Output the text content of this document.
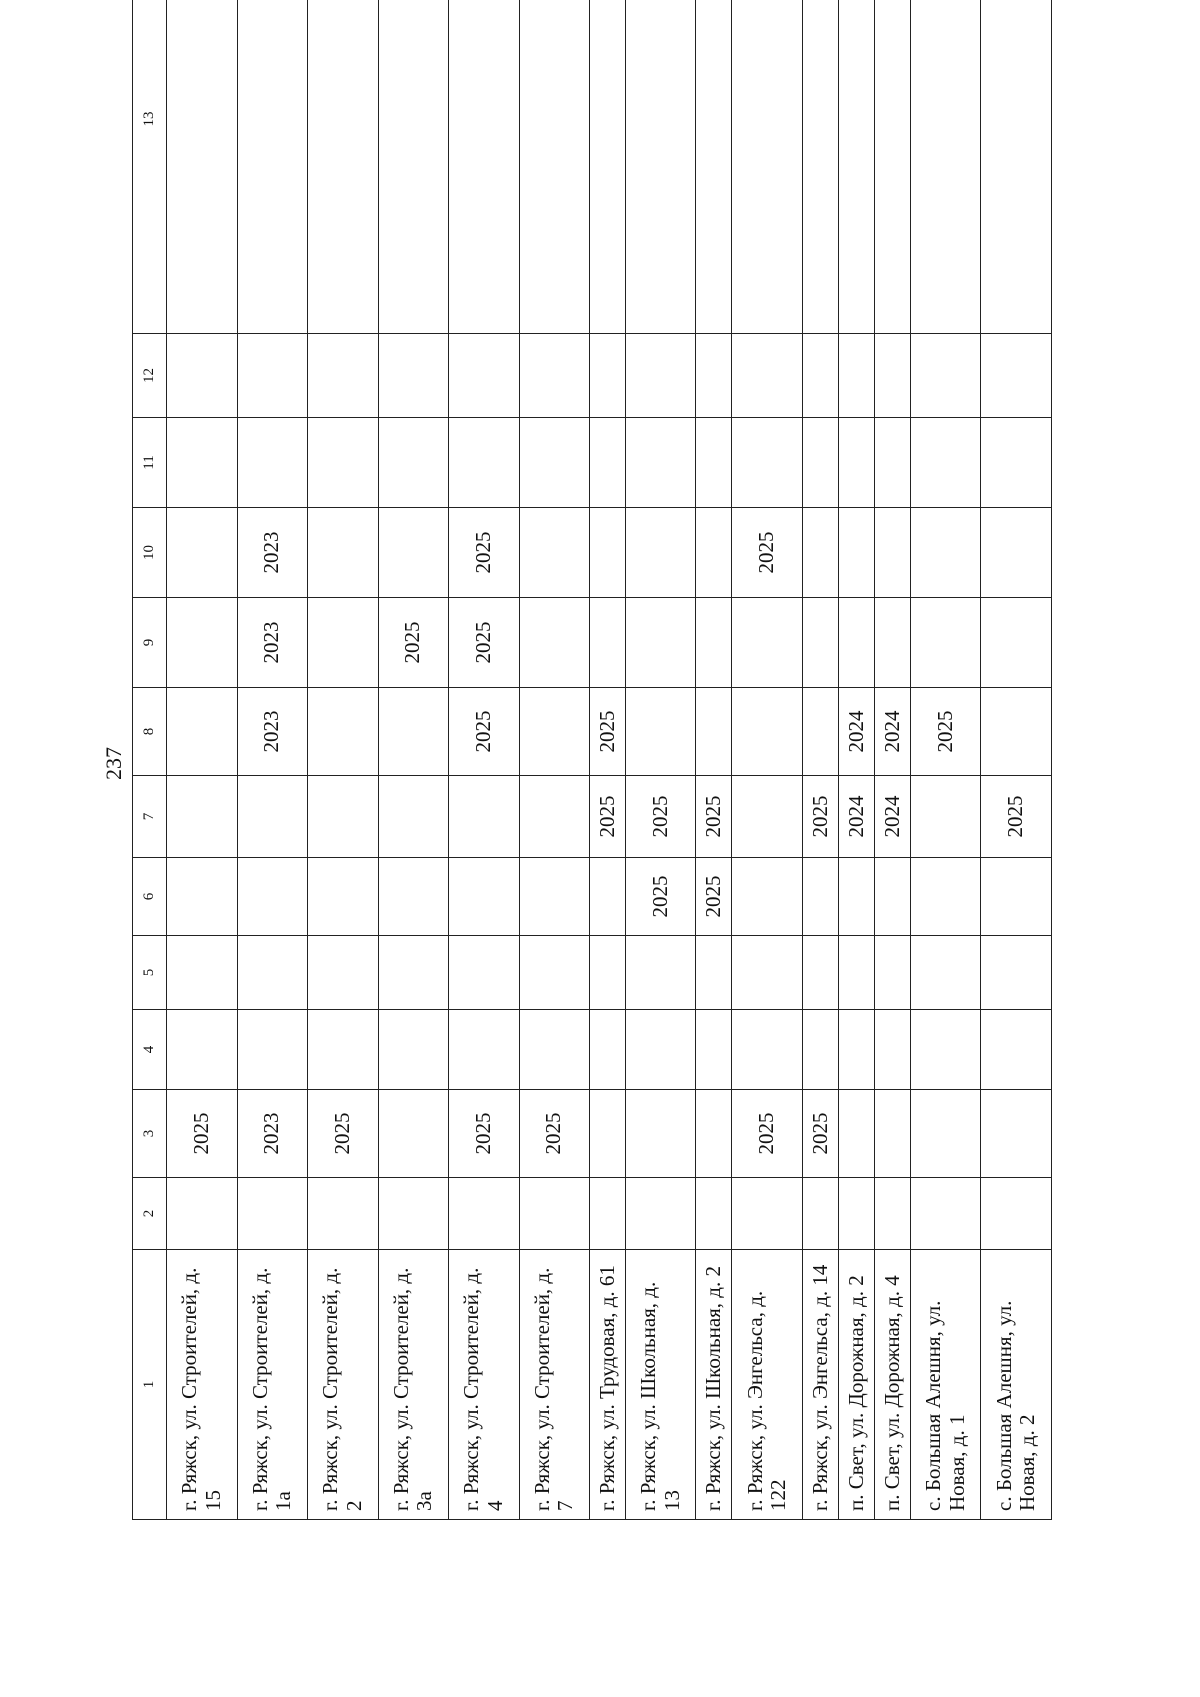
237
1	2	3	4	5	6	7	8	9	10	11	12	13
г. Ряжск, ул. Строителей, д. 15		2025										
г. Ряжск, ул. Строителей, д. 1а		2023					2023	2023	2023			
г. Ряжск, ул. Строителей, д. 2		2025										
г. Ряжск, ул. Строителей, д. 3а								2025				
г. Ряжск, ул. Строителей, д. 4		2025					2025	2025	2025			
г. Ряжск, ул. Строителей, д. 7		2025										
г. Ряжск, ул. Трудовая, д. 61						2025	2025					
г. Ряжск, ул. Школьная, д. 13					2025	2025						
г. Ряжск, ул. Школьная, д. 2					2025	2025						
г. Ряжск, ул. Энгельса, д. 122		2025							2025			
г. Ряжск, ул. Энгельса, д. 14		2025				2025						
п. Свет, ул. Дорожная, д. 2						2024	2024					
п. Свет, ул. Дорожная, д. 4						2024	2024					
с. Большая Алешня, ул. Новая, д. 1							2025					
с. Большая Алешня, ул. Новая, д. 2						2025						
